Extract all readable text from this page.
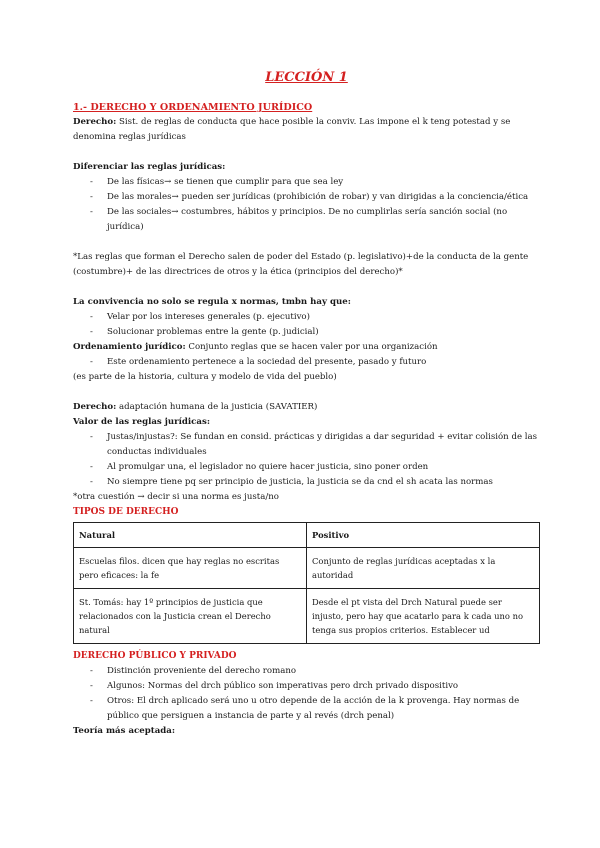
LECCIÓN 1
1.- DERECHO Y ORDENAMIENTO JURÍDICO

Derecho: Sist. de reglas de conducta que hace posible la conviv. Las impone el k teng potestad y se denomina reglas jurídicas

Diferenciar las reglas jurídicas:

- De las físicas→ se tienen que cumplir para que sea ley
- De las morales→ pueden ser jurídicas (prohibición de robar) y van dirigidas a la conciencia/ética
- De las sociales→ costumbres, hábitos y principios. De no cumplirlas sería sanción social (no jurídica)

*Las reglas que forman el Derecho salen de poder del Estado (p. legislativo)+de la conducta de la gente (costumbre)+ de las directrices de otros y la ética (principios del derecho)*

La convivencia no solo se regula x normas, tmbn hay que:

- Velar por los intereses generales (p. ejecutivo)
- Solucionar problemas entre la gente (p. judicial)

Ordenamiento jurídico: Conjunto reglas que se hacen valer por una organización

- Este ordenamiento pertenece a la sociedad del presente, pasado y futuro

(es parte de la historia, cultura y modelo de vida del pueblo)

Derecho: adaptación humana de la justicia (SAVATIER)

Valor de las reglas jurídicas:

- Justas/injustas?: Se fundan en consid. prácticas y dirigidas a dar seguridad + evitar colisión de las conductas individuales
- Al promulgar una, el legislador no quiere hacer justicia, sino poner orden
- No siempre tiene pq ser principio de justicia, la justicia se da cnd el sh acata las normas

*otra cuestión → decir si una norma es justa/no

TIPOS DE DERECHO

Natural	Positivo
Escuelas filos. dicen que hay reglas no escritas pero eficaces: la fe	Conjunto de reglas jurídicas aceptadas x la autoridad
St. Tomás: hay 1º principios de justicia que relacionados con la Justicia crean el Derecho natural	Desde el pt vista del Drch Natural puede ser injusto, pero hay que acatarlo para k cada uno no tenga sus propios criterios. Establecer ud

DERECHO PÚBLICO Y PRIVADO

- Distinción proveniente del derecho romano
- Algunos: Normas del drch público son imperativas pero drch privado dispositivo
- Otros: El drch aplicado será uno u otro depende de la acción de la k provenga. Hay normas de público que persiguen a instancia de parte y al revés (drch penal)

Teoría más aceptada:
